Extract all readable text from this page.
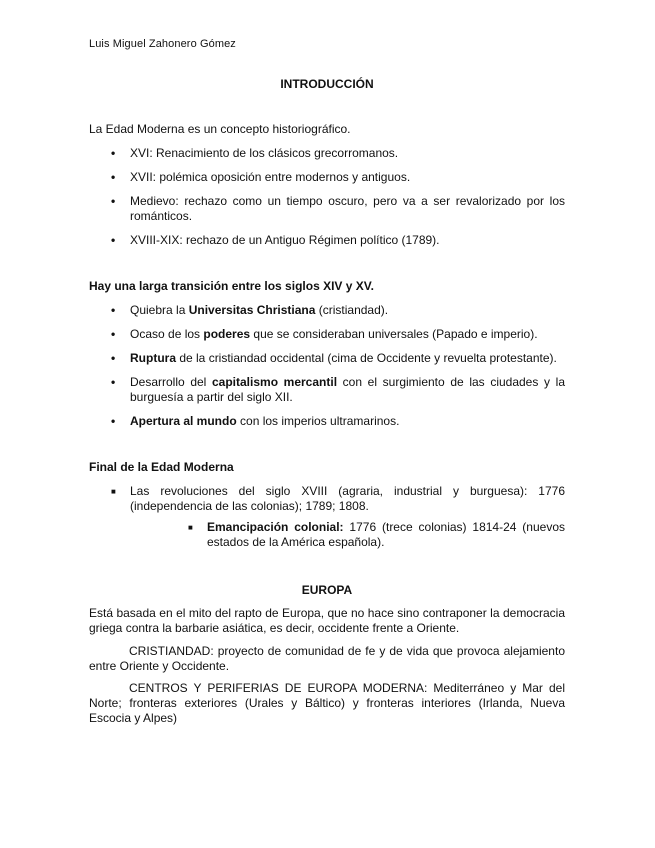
Luis Miguel Zahonero Gómez
INTRODUCCIÓN
La Edad Moderna es un concepto historiográfico.
•	XVI: Renacimiento de los clásicos grecorromanos.
•	XVII: polémica oposición entre modernos y antiguos.
•	Medievo: rechazo como un tiempo oscuro, pero va a ser revalorizado por los románticos.
•	XVIII-XIX: rechazo de un Antiguo Régimen político (1789).
Hay una larga transición entre los siglos XIV y XV.
•	Quiebra la Universitas Christiana (cristiandad).
•	Ocaso de los poderes que se consideraban universales (Papado e imperio).
•	Ruptura de la cristiandad occidental (cima de Occidente y revuelta protestante).
•	Desarrollo del capitalismo mercantil con el surgimiento de las ciudades y la burguesía a partir del siglo XII.
•	Apertura al mundo con los imperios ultramarinos.
Final de la Edad Moderna
■ Las revoluciones del siglo XVIII (agraria, industrial y burguesa): 1776 (independencia de las colonias); 1789; 1808.
■ Emancipación colonial: 1776 (trece colonias) 1814-24 (nuevos estados de la América española).
EUROPA
Está basada en el mito del rapto de Europa, que no hace sino contraponer la democracia griega contra la barbarie asiática, es decir, occidente frente a Oriente.
CRISTIANDAD: proyecto de comunidad de fe y de vida que provoca alejamiento entre Oriente y Occidente.
CENTROS Y PERIFERIAS DE EUROPA MODERNA: Mediterráneo y Mar del Norte; fronteras exteriores (Urales y Báltico) y fronteras interiores (Irlanda, Nueva Escocia y Alpes)
